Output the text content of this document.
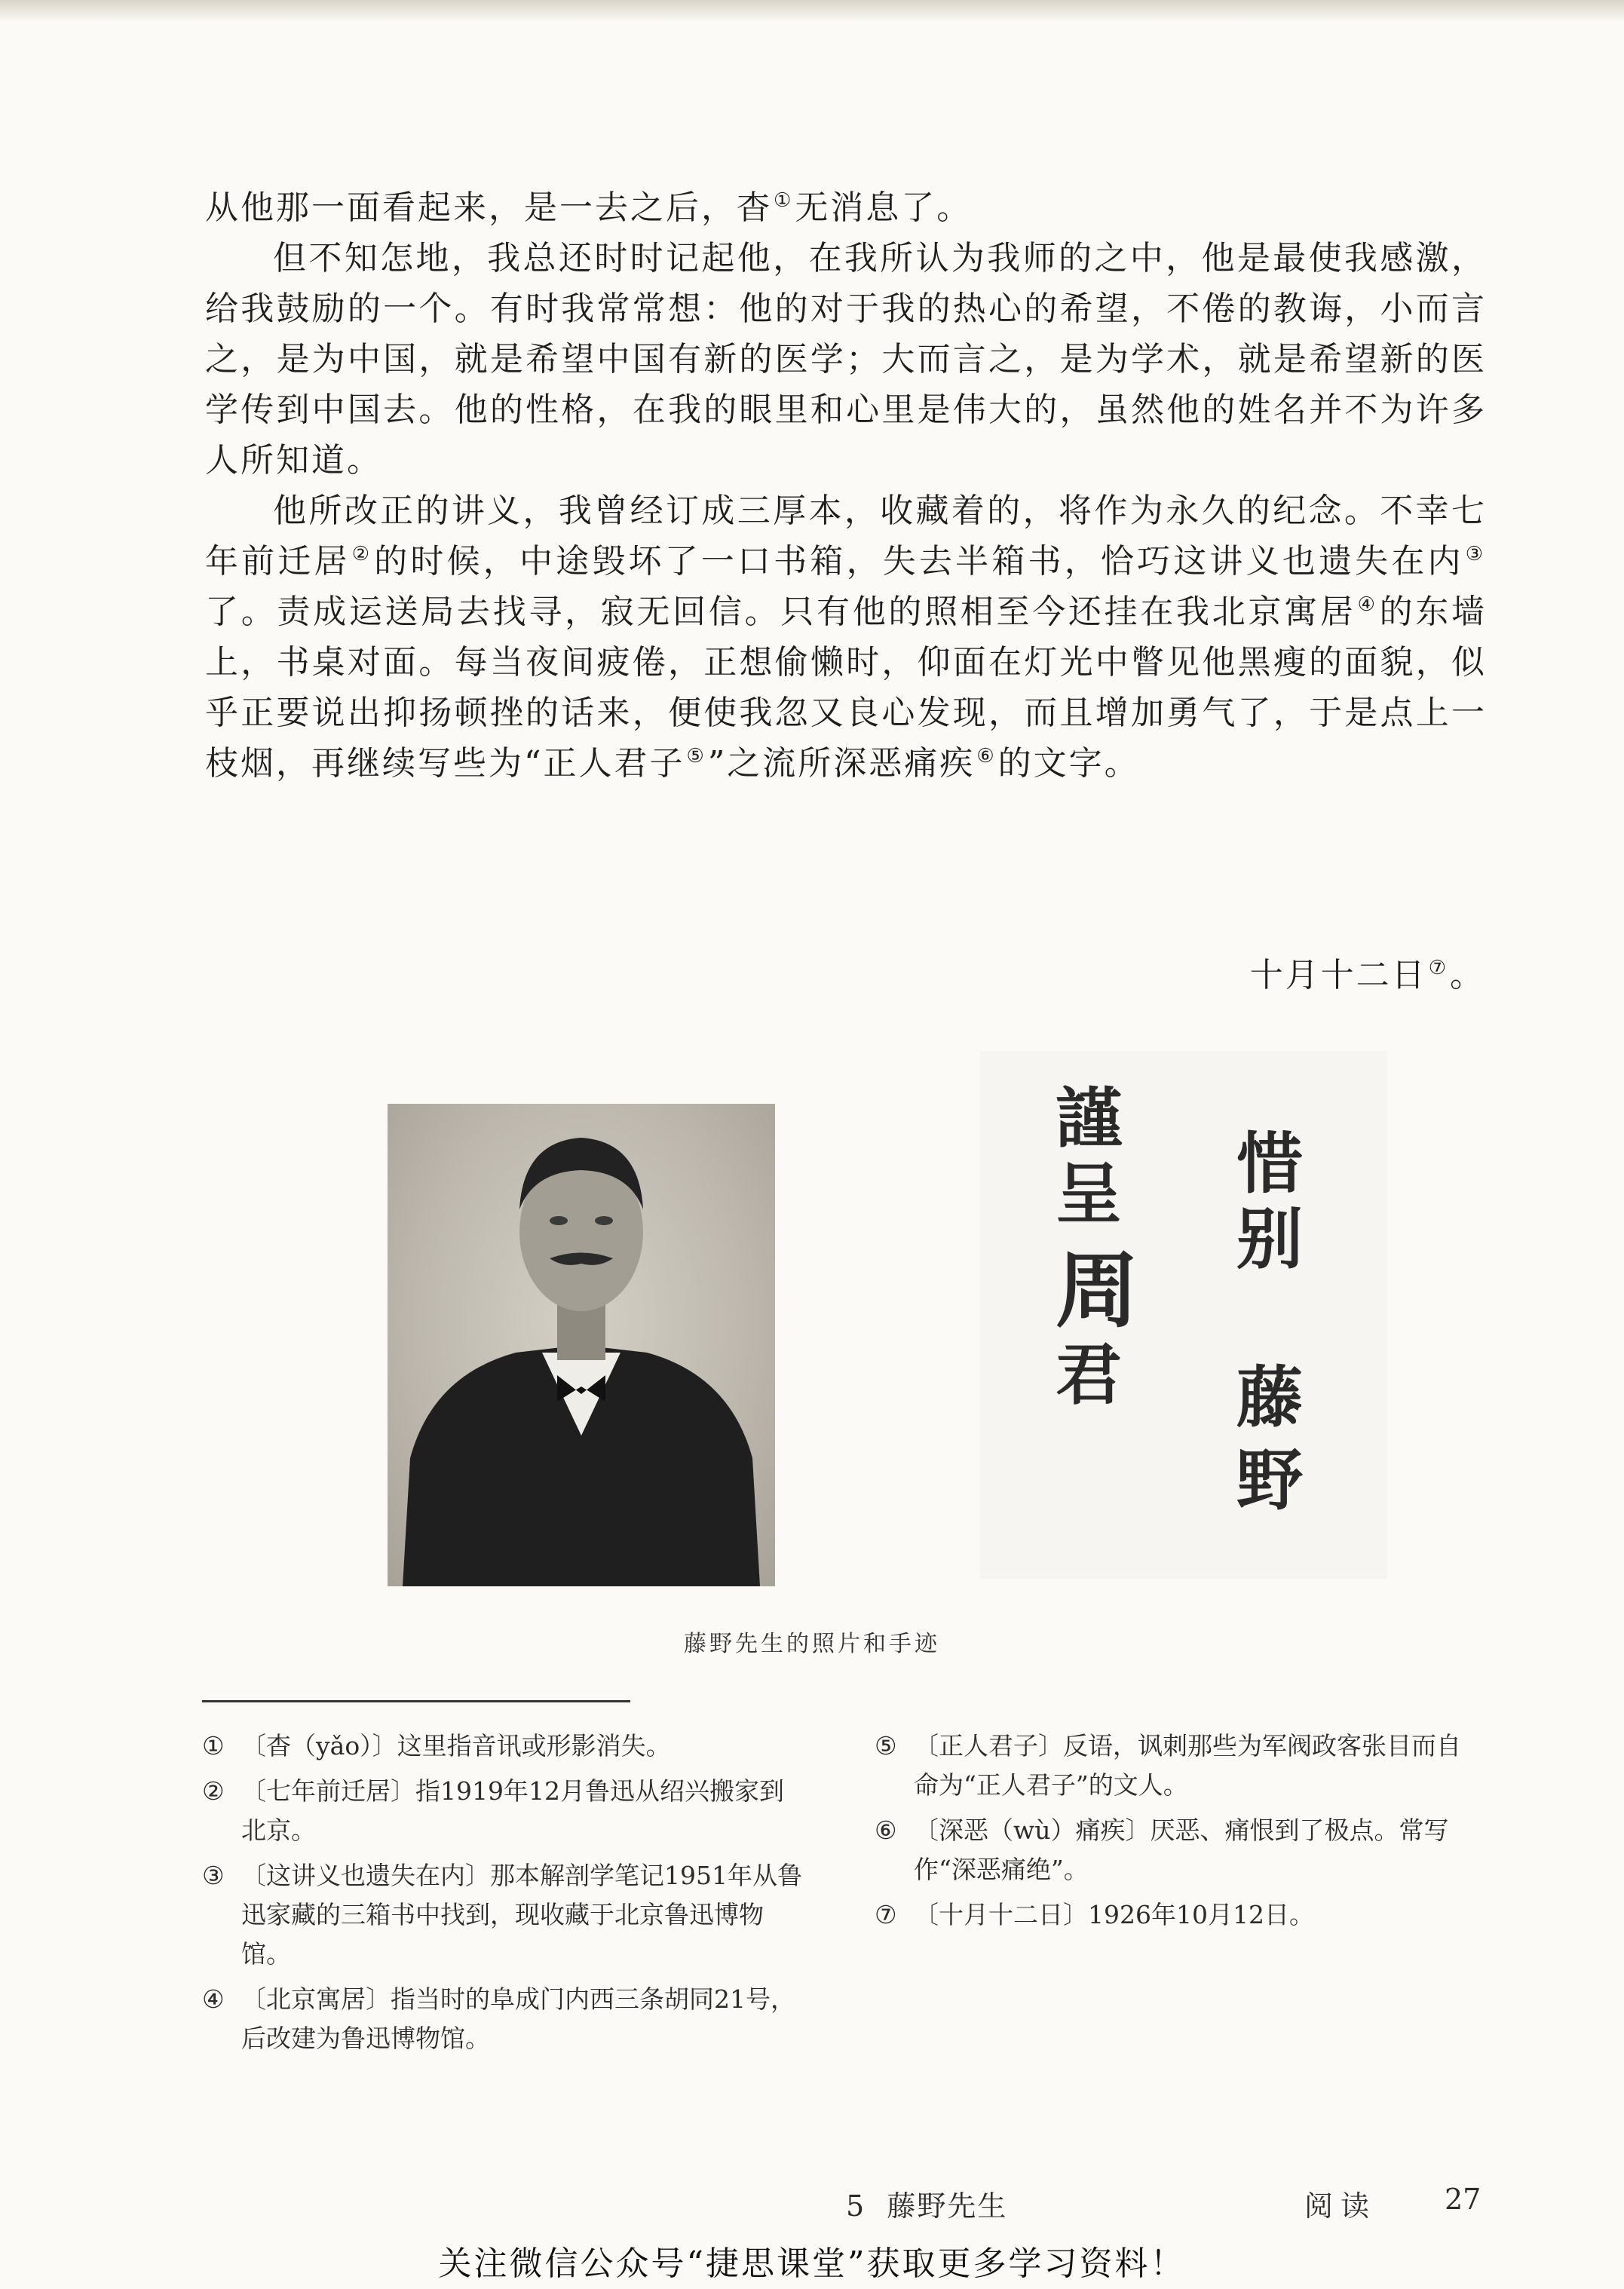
从他那一面看起来，是一去之后，杳①无消息了。

但不知怎地，我总还时时记起他，在我所认为我师的之中，他是最使我感激，给我鼓励的一个。有时我常常想：他的对于我的热心的希望，不倦的教诲，小而言之，是为中国，就是希望中国有新的医学；大而言之，是为学术，就是希望新的医学传到中国去。他的性格，在我的眼里和心里是伟大的，虽然他的姓名并不为许多人所知道。

他所改正的讲义，我曾经订成三厚本，收藏着的，将作为永久的纪念。不幸七年前迁居②的时候，中途毁坏了一口书箱，失去半箱书，恰巧这讲义也遗失在内③了。责成运送局去找寻，寂无回信。只有他的照相至今还挂在我北京寓居④的东墙上，书桌对面。每当夜间疲倦，正想偷懒时，仰面在灯光中瞥见他黑瘦的面貌，似乎正要说出抑扬顿挫的话来，便使我忽又良心发现，而且增加勇气了，于是点上一枝烟，再继续写些为“正人君子⑤”之流所深恶痛疾⑥的文字。

十月十二日⑦。
惜
别
藤
野
謹
呈
周
君
藤野先生的照片和手迹
① 〔杳（yǎo）〕这里指音讯或形影消失。
② 〔七年前迁居〕指1919年12月鲁迅从绍兴搬家到北京。
③ 〔这讲义也遗失在内〕那本解剖学笔记1951年从鲁迅家藏的三箱书中找到，现收藏于北京鲁迅博物馆。
④ 〔北京寓居〕指当时的阜成门内西三条胡同21号，后改建为鲁迅博物馆。
⑤ 〔正人君子〕反语，讽刺那些为军阀政客张目而自命为“正人君子”的文人。
⑥ 〔深恶（wù）痛疾〕厌恶、痛恨到了极点。常写作“深恶痛绝”。
⑦ 〔十月十二日〕1926年10月12日。
5  藤野先生	阅读 27
关注微信公众号“捷思课堂”获取更多学习资料！
